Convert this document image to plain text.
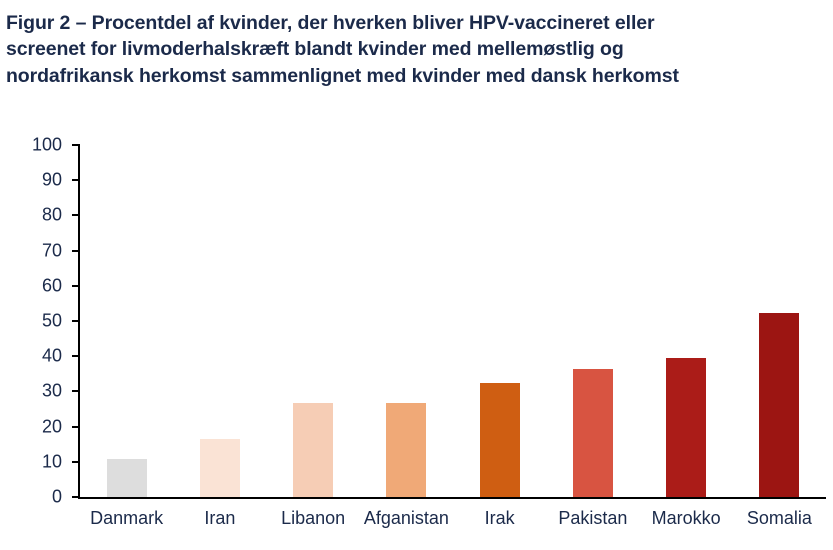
Figur 2 – Procentdel af kvinder, der hverken bliver HPV-vaccineret eller
screenet for livmoderhalskræft blandt kvinder med mellemøstlig og
nordafrikansk herkomst sammenlignet med kvinder med dansk herkomst
0
10
20
30
40
50
60
70
80
90
100
Danmark	Iran	Libanon	Afganistan	Irak	Pakistan	Marokko	Somalia
